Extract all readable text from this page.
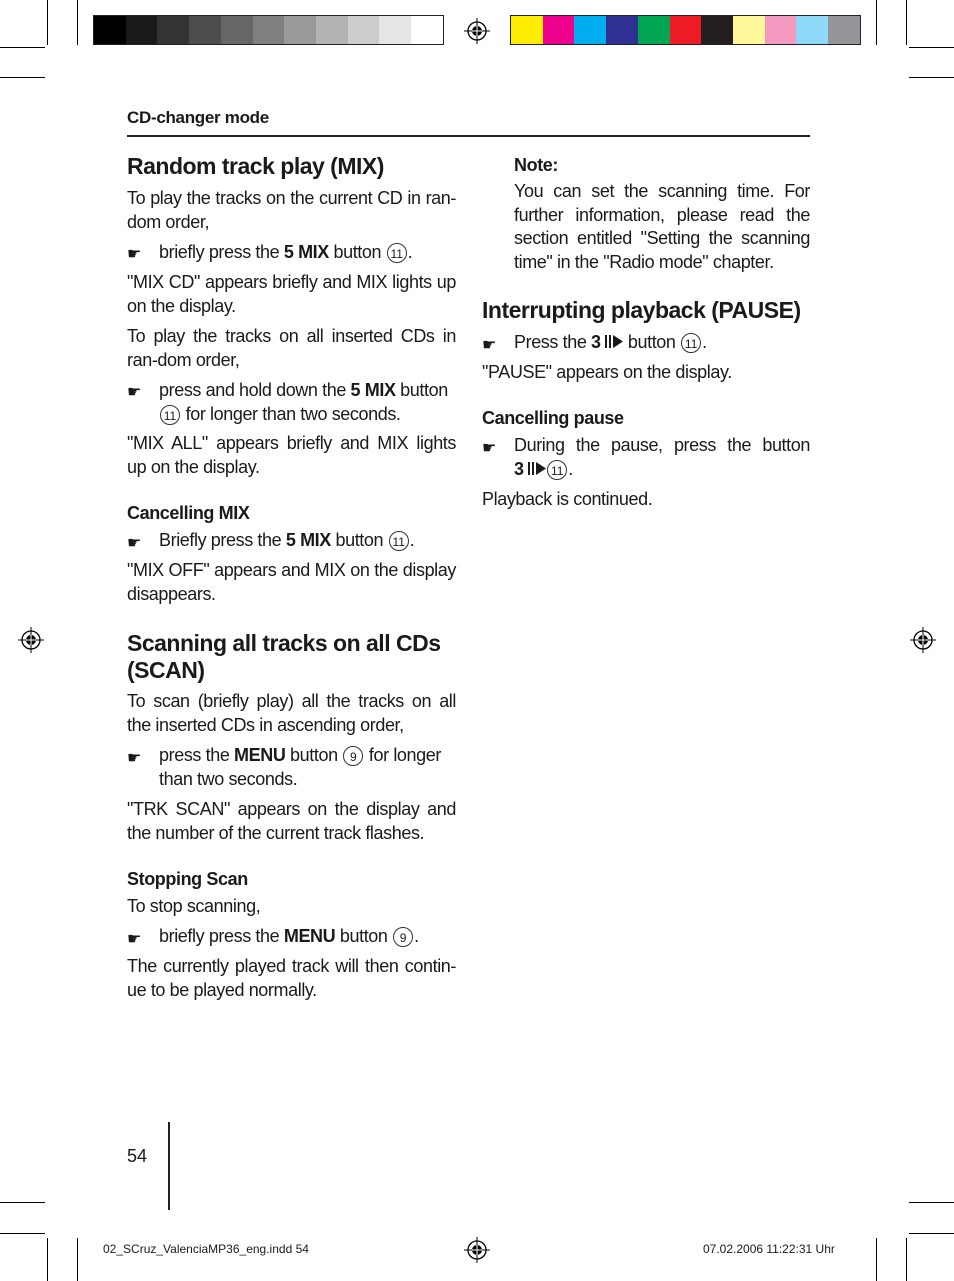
CD-changer mode
Random track play (MIX)
To play the tracks on the current CD in ran-dom order,
☛ briefly press the 5 MIX button 11 .
"MIX CD" appears briefly and MIX lights up on the display.
To play the tracks on all inserted CDs in ran-dom order,
☛ press and hold down the 5 MIX button
11 for longer than two seconds.
"MIX ALL" appears briefly and MIX lights up on the display.
Cancelling MIX
☛ Briefly press the 5 MIX button 11 .
"MIX OFF" appears and MIX on the display disappears.
Scanning all tracks on all CDs
(SCAN)
To scan (briefly play) all the tracks on all the inserted CDs in ascending order,
☛ press the MENU button 9 for longer than two seconds.
"TRK SCAN" appears on the display and the number of the current track flashes.
Stopping Scan
To stop scanning,
☛ briefly press the MENU button 9 .
The currently played track will then contin-ue to be played normally.
Note:
You can set the scanning time. For further information, please read the section entitled "Setting the scanning time" in the "Radio mode" chapter.
Interrupting playback (PAUSE)
☛ Press the 3  button 11 .
"PAUSE" appears on the display.
Cancelling pause
☛ During the pause, press the button
3 11 .
Playback is continued.
54
02_SCruz_ValenciaMP36_eng.indd 54	07.02.2006 11:22:31 Uhr
